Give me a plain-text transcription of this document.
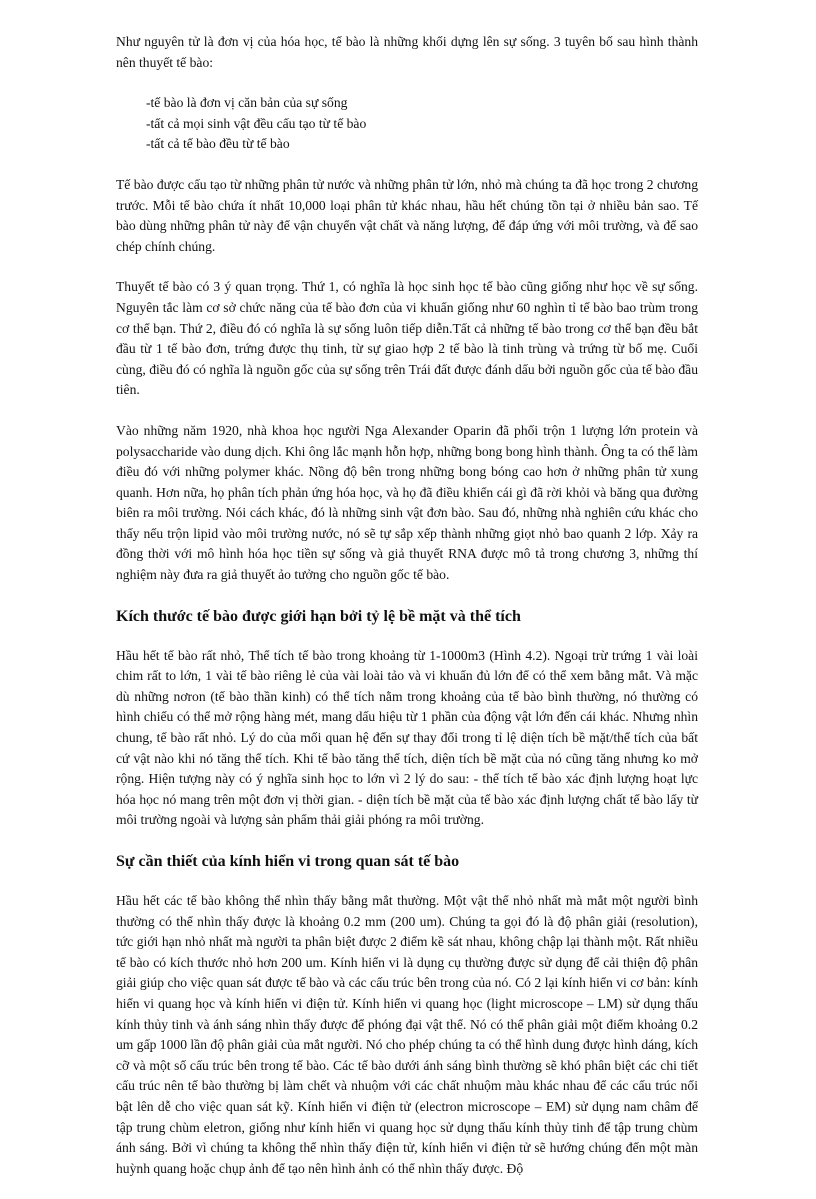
Như nguyên tử là đơn vị của hóa học, tế bào là những khối dựng lên sự sống. 3 tuyên bố sau hình thành nên thuyết tế bào:

-tế bào là đơn vị căn bản của sự sống
-tất cả mọi sinh vật đều cấu tạo từ tế bào
-tất cả tế bào đều từ tế bào

Tế bào được cấu tạo từ những phân tử nước và những phân tử lớn, nhỏ mà chúng ta đã học trong 2 chương trước. Mỗi tế bào chứa ít nhất 10,000 loại phân tử khác nhau, hầu hết chúng tồn tại ở nhiều bản sao. Tế bào dùng những phân tử này để vận chuyển vật chất và năng lượng, để đáp ứng với môi trường, và để sao chép chính chúng.

Thuyết tế bào có 3 ý quan trọng. Thứ 1, có nghĩa là học sinh học tế bào cũng giống như học về sự sống. Nguyên tắc làm cơ sở chức năng của tế bào đơn của vi khuẩn giống như 60 nghìn tỉ tế bào bao trùm trong cơ thể bạn. Thứ 2, điều đó có nghĩa là sự sống luôn tiếp diễn.Tất cả những tế bào trong cơ thể bạn đều bắt đầu từ 1 tế bào đơn, trứng được thụ tinh, từ sự giao hợp 2 tế bào là tinh trùng và trứng từ bố mẹ. Cuối cùng, điều đó có nghĩa là nguồn gốc của sự sống trên Trái đất được đánh dấu bởi nguồn gốc của tế bào đầu tiên.

Vào những năm 1920, nhà khoa học người Nga Alexander Oparin đã phối trộn 1 lượng lớn protein và polysaccharide vào dung dịch. Khi ông lắc mạnh hỗn hợp, những bong bong hình thành. Ông ta có thể làm điều đó với những polymer khác. Nồng độ bên trong những bong bóng cao hơn ở những phân tử xung quanh. Hơn nữa, họ phân tích phản ứng hóa học, và họ đã điều khiển cái gì đã rời khỏi và băng qua đường biên ra môi trường. Nói cách khác, đó là những sinh vật đơn bào. Sau đó, những nhà nghiên cứu khác cho thấy nếu trộn lipid vào môi trường nước, nó sẽ tự sắp xếp thành những giọt nhỏ bao quanh 2 lớp. Xảy ra đồng thời với mô hình hóa học tiền sự sống và giả thuyết RNA được mô tả trong chương 3, những thí nghiệm này đưa ra giả thuyết ảo tưởng cho nguồn gốc tế bào.

Kích thước tế bào được giới hạn bởi tỷ lệ bề mặt và thể tích

Hầu hết tế bào rất nhỏ, Thể tích tế bào trong khoảng từ 1-1000m3 (Hình 4.2). Ngoại trừ trứng 1 vài loài chim rất to lớn, 1 vài tế bào riêng lẻ của vài loài tảo và vi khuẩn đủ lớn để có thể xem bằng mắt. Và mặc dù những nơron (tế bào thần kinh) có thể tích nằm trong khoảng của tế bào bình thường, nó thường có hình chiếu có thể mở rộng hàng mét, mang dấu hiệu từ 1 phần của động vật lớn đến cái khác. Nhưng nhìn chung, tế bào rất nhỏ. Lý do của mối quan hệ đến sự thay đổi trong tỉ lệ diện tích bề mặt/thể tích của bất cứ vật nào khi nó tăng thể tích. Khi tế bào tăng thể tích, diện tích bề mặt của nó cũng tăng nhưng ko mở rộng. Hiện tượng này có ý nghĩa sinh học to lớn vì 2 lý do sau: - thể tích tế bào xác định lượng hoạt lực hóa học nó mang trên một đơn vị thời gian. - diện tích bề mặt của tế bào xác định lượng chất tế bào lấy từ môi trường ngoài và lượng sản phẩm thải giải phóng ra môi trường.

Sự cần thiết của kính hiển vi trong quan sát tế bào

Hầu hết các tế bào không thể nhìn thấy bằng mắt thường. Một vật thể nhỏ nhất mà mắt một người bình thường có thể nhìn thấy được là khoảng 0.2 mm (200 um). Chúng ta gọi đó là độ phân giải (resolution), tức giới hạn nhỏ nhất mà người ta phân biệt được 2 điểm kề sát nhau, không chập lại thành một. Rất nhiều tế bào có kích thước nhỏ hơn 200 um. Kính hiển vi là dụng cụ thường được sử dụng để cải thiện độ phân giải giúp cho việc quan sát được tế bào và các cấu trúc bên trong của nó. Có 2 lại kính hiển vi cơ bản: kính hiển vi quang học và kính hiển vi điện tử. Kính hiển vi quang học (light microscope – LM) sử dụng thấu kính thủy tinh và ánh sáng nhìn thấy được để phóng đại vật thể. Nó có thể phân giải một điểm khoảng 0.2 um gấp 1000 lần độ phân giải của mắt người. Nó cho phép chúng ta có thể hình dung được hình dáng, kích cỡ và một số cấu trúc bên trong tế bào. Các tế bào dưới ánh sáng bình thường sẽ khó phân biệt các chi tiết cấu trúc nên tế bào thường bị làm chết và nhuộm với các chất nhuộm màu khác nhau để các cấu trúc nổi bật lên dễ cho việc quan sát kỹ. Kính hiển vi điện tử (electron microscope – EM) sử dụng nam châm để tập trung chùm eletron, giống như kính hiển vi quang học sử dụng thấu kính thủy tinh để tập trung chùm ánh sáng. Bởi vì chúng ta không thể nhìn thấy điện tử, kính hiển vi điện tử sẽ hướng chúng đến một màn huỳnh quang hoặc chụp ảnh để tạo nên hình ảnh có thể nhìn thấy được. Độ
